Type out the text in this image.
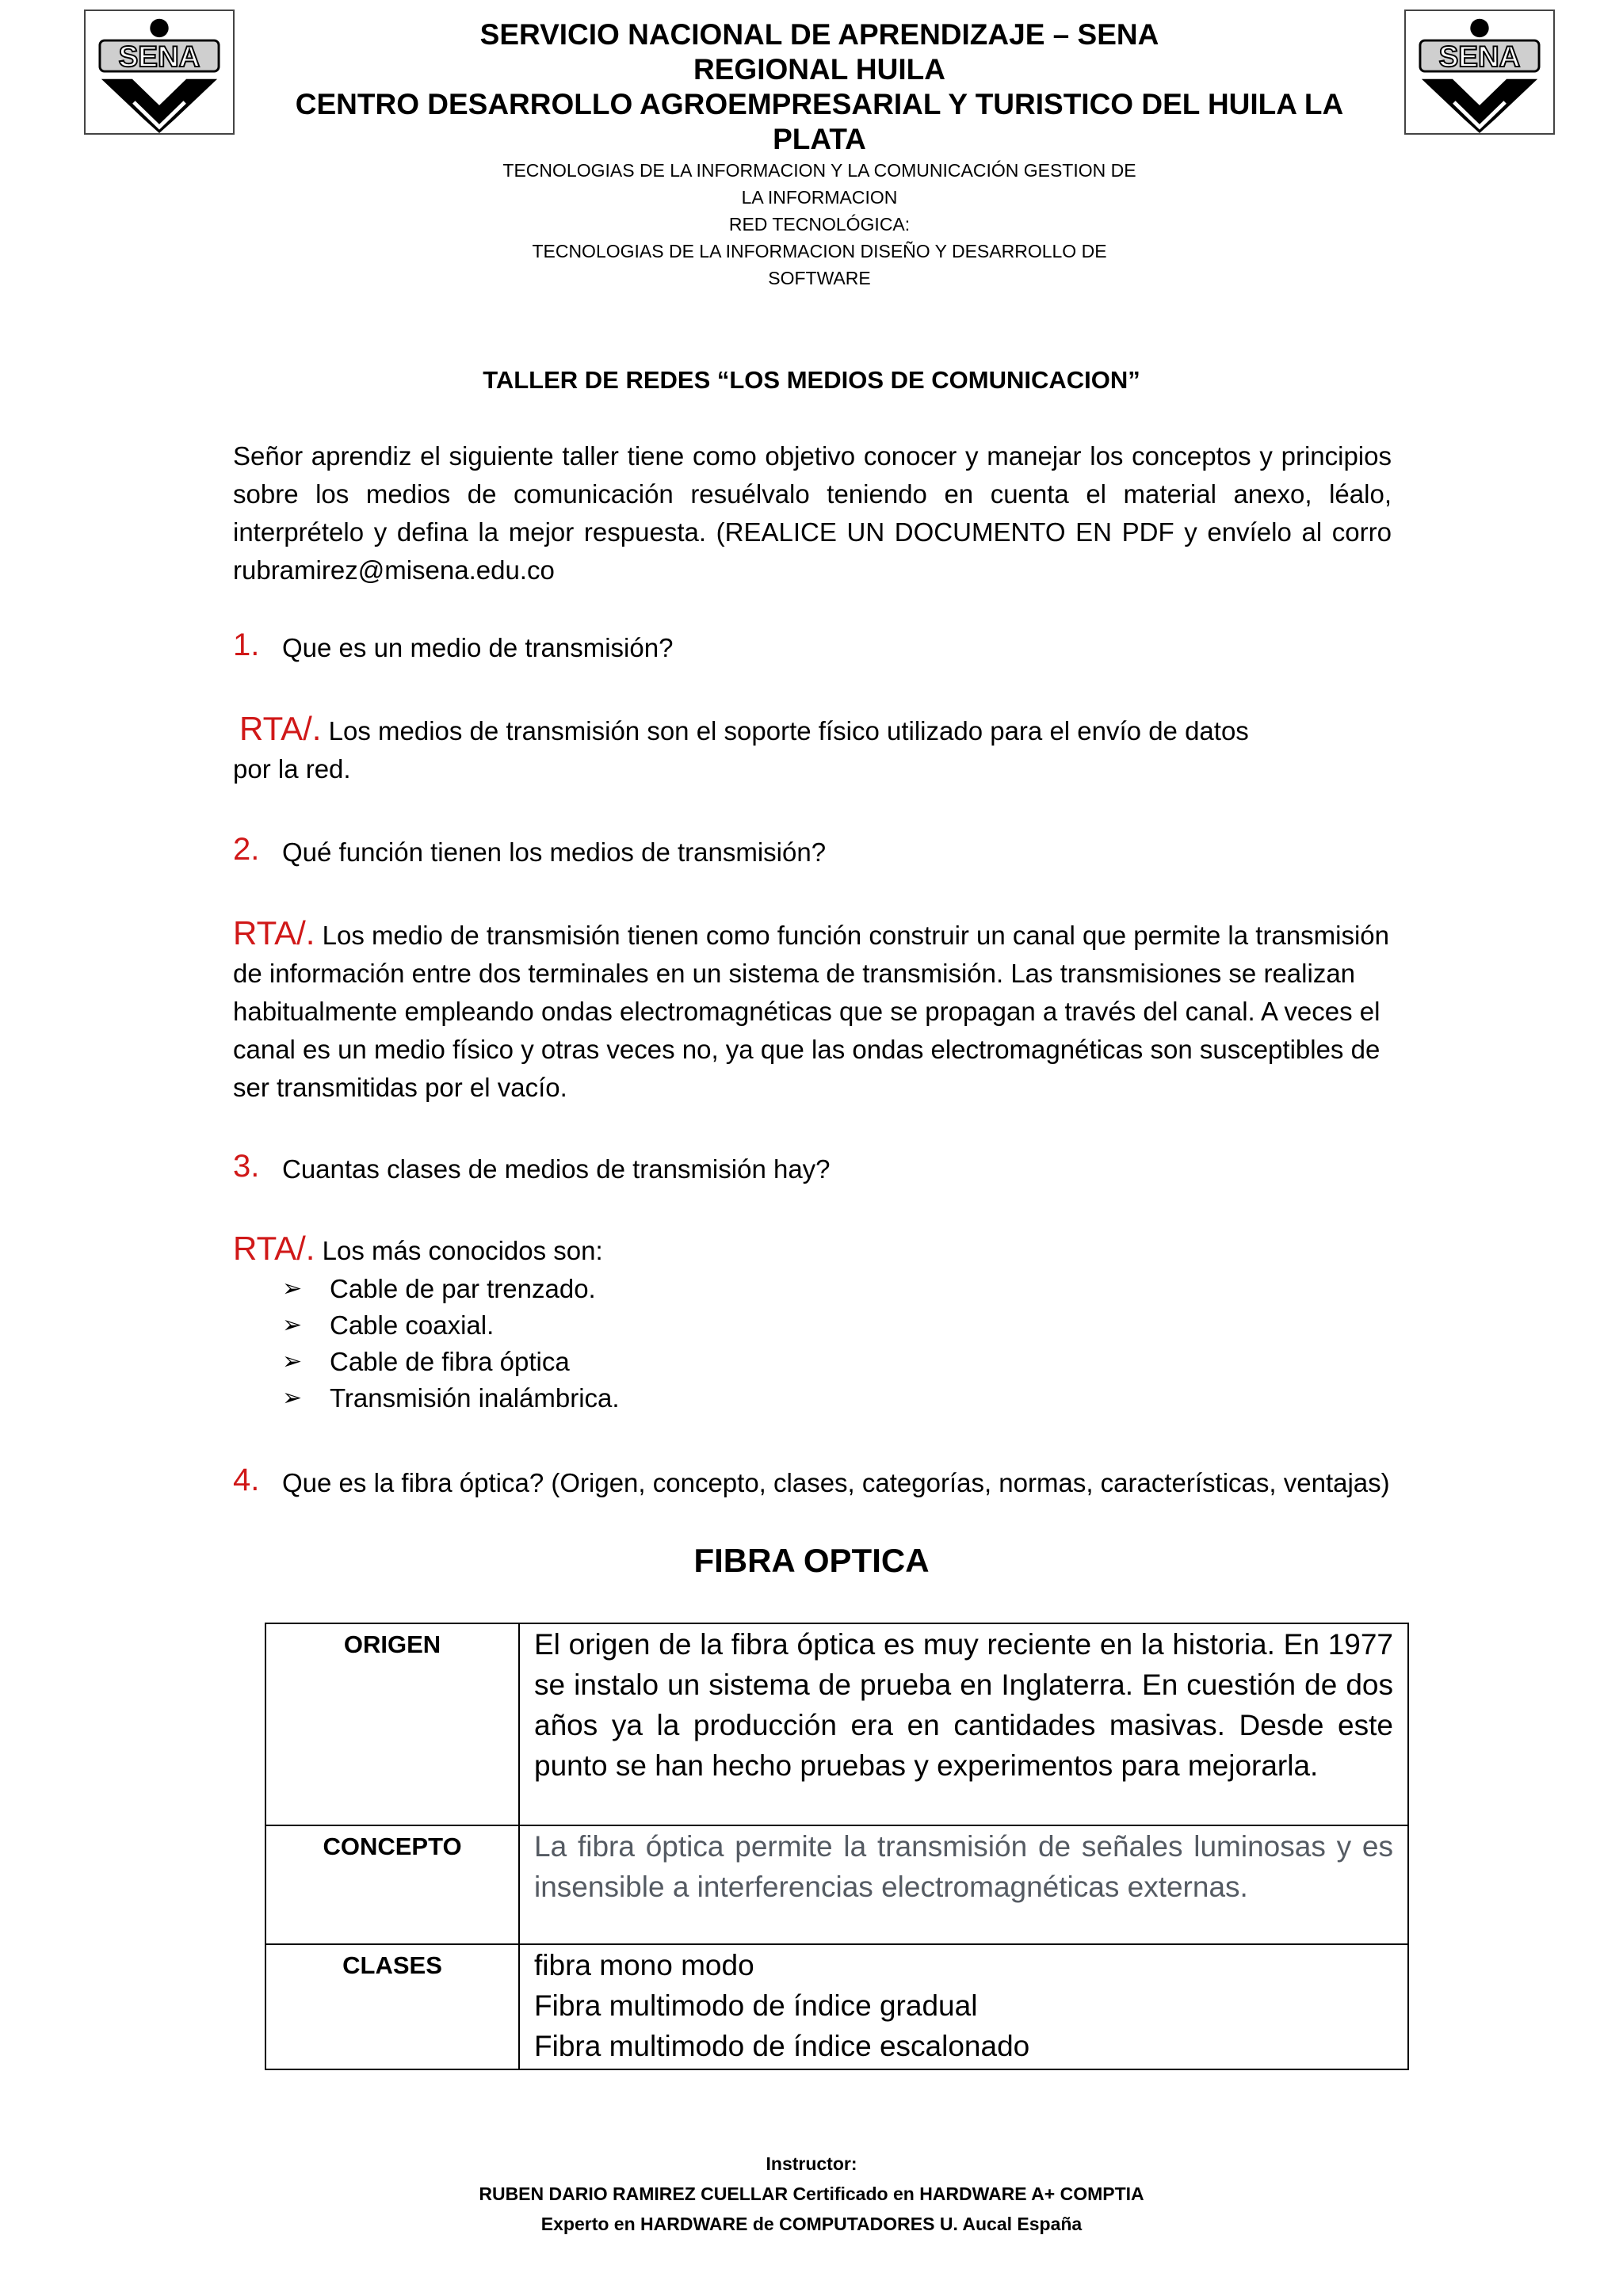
SENA	SENA
SERVICIO NACIONAL DE APRENDIZAJE – SENA
REGIONAL HUILA
CENTRO DESARROLLO AGROEMPRESARIAL Y TURISTICO DEL HUILA LA
PLATA
TECNOLOGIAS DE LA INFORMACION Y LA COMUNICACIÓN GESTION DE
LA INFORMACION
RED TECNOLÓGICA:
TECNOLOGIAS DE LA INFORMACION DISEÑO Y DESARROLLO DE
SOFTWARE
TALLER DE REDES “LOS MEDIOS DE COMUNICACION”
Señor aprendiz el siguiente taller tiene como objetivo conocer y manejar los conceptos y principios sobre los medios de comunicación resuélvalo teniendo en cuenta el material anexo, léalo, interprételo y defina la mejor respuesta. (REALICE UN DOCUMENTO EN PDF y envíelo al corro rubramirez@misena.edu.co
1. Que es un medio de transmisión?
RTA/. Los medios de transmisión son el soporte físico utilizado para el envío de datos
por la red.
2. Qué función tienen los medios de transmisión?
RTA/. Los medio de transmisión tienen como función construir un canal que permite la transmisión de información entre dos terminales en un sistema de transmisión. Las transmisiones se realizan habitualmente empleando ondas electromagnéticas que se propagan a través del canal. A veces el canal es un medio físico y otras veces no, ya que las ondas electromagnéticas son susceptibles de ser transmitidas por el vacío.
3. Cuantas clases de medios de transmisión hay?
RTA/. Los más conocidos son:
➢ Cable de par trenzado.
➢ Cable coaxial.
➢ Cable de fibra óptica
➢ Transmisión inalámbrica.
4. Que es la fibra óptica? (Origen, concepto, clases, categorías, normas, características, ventajas)
FIBRA OPTICA
ORIGEN	El origen de la fibra óptica es muy reciente en la historia. En 1977 se instalo un sistema de prueba en Inglaterra. En cuestión de dos años ya la producción era en cantidades masivas. Desde este punto se han hecho pruebas y experimentos para mejorarla.
CONCEPTO	La fibra óptica permite la transmisión de señales luminosas y es insensible a interferencias electromagnéticas externas.
CLASES	fibra mono modo
Fibra multimodo de índice gradual
Fibra multimodo de índice escalonado
Instructor:
RUBEN DARIO RAMIREZ CUELLAR Certificado en HARDWARE A+ COMPTIA
Experto en HARDWARE de COMPUTADORES U. Aucal España
